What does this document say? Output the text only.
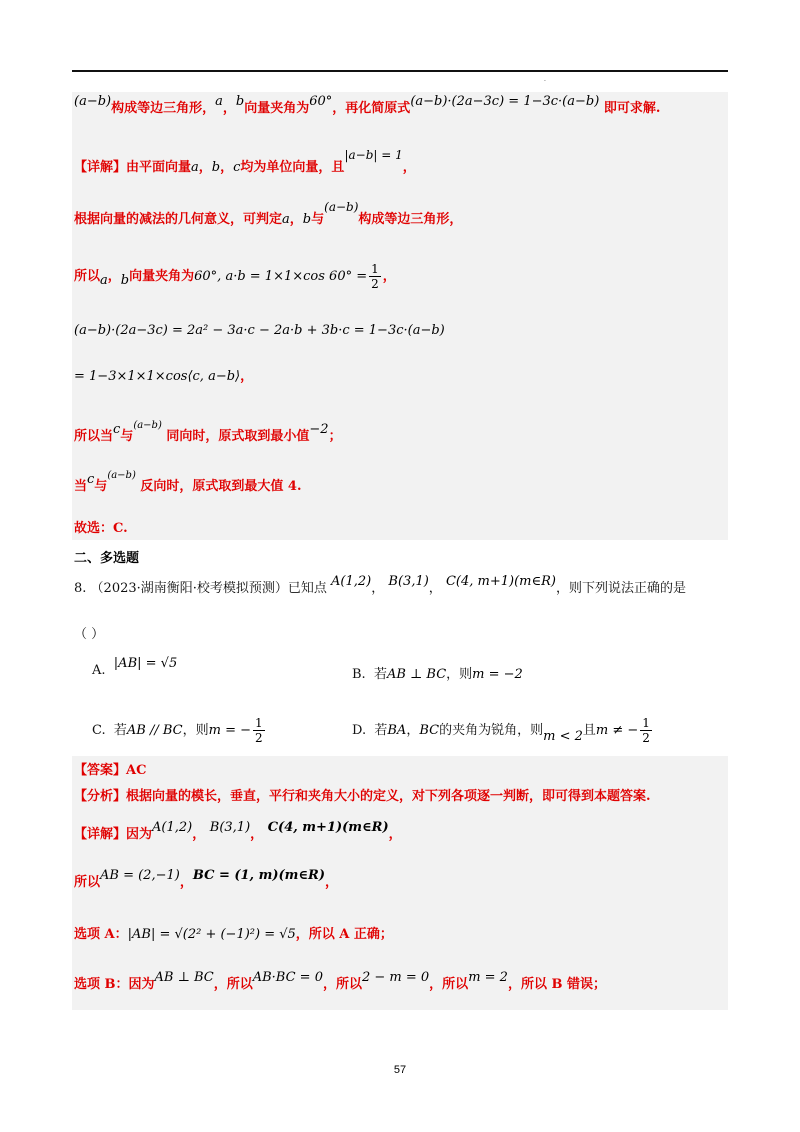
.
(a−b)构成等边三角形，a，b向量夹角为60°，再化简原式(a−b)·(2a−3c) = 1−3c·(a−b) 即可求解.
【详解】由平面向量a，b，c均为单位向量，且|a−b| = 1，
根据向量的减法的几何意义，可判定a，b与(a−b)构成等边三角形，
所以a，b向量夹角为60°, a·b = 1×1×cos $60^\circ = \frac{1}{2}$ ，
(a−b)·(2a−3c) = 2a² − 3a·c − 2a·b + 3b·c = 1−3c·(a−b)
= 1−3×1×1×cos⟨c, a−b⟩，
所以当c与$^{(a-b)}$ 同向时，原式取到最小值−2；
当c与$^{(a-b)}$ 反向时，原式取到最大值 4.
故选：C.
二、多选题
8. （2023·湖南衡阳·校考模拟预测）已知点 A(1,2)， B(3,1)， C(4, m+1)(m∈R)，则下列说法正确的是
（ ）
A. |AB| = √5
B. 若AB ⊥ BC，则m = −2
C. 若AB // BC，则m = − $\frac{1}{2}$	D. 若BA，BC的夹角为锐角，则m < 2且m ≠ − $\frac{1}{2}$
【答案】AC
【分析】根据向量的模长，垂直，平行和夹角大小的定义，对下列各项逐一判断，即可得到本题答案.
【详解】因为A(1,2)， B(3,1)， C(4, m+1)(m∈R)，
所以AB = (2,−1)，BC = (1, m)(m∈R)，
选项 A：|AB| = √(2² + (−1)²) = √5，所以 A 正确；
选项 B：因为AB ⊥ BC，所以AB·BC = 0，所以2 − m = 0，所以m = 2，所以 B 错误；
57
